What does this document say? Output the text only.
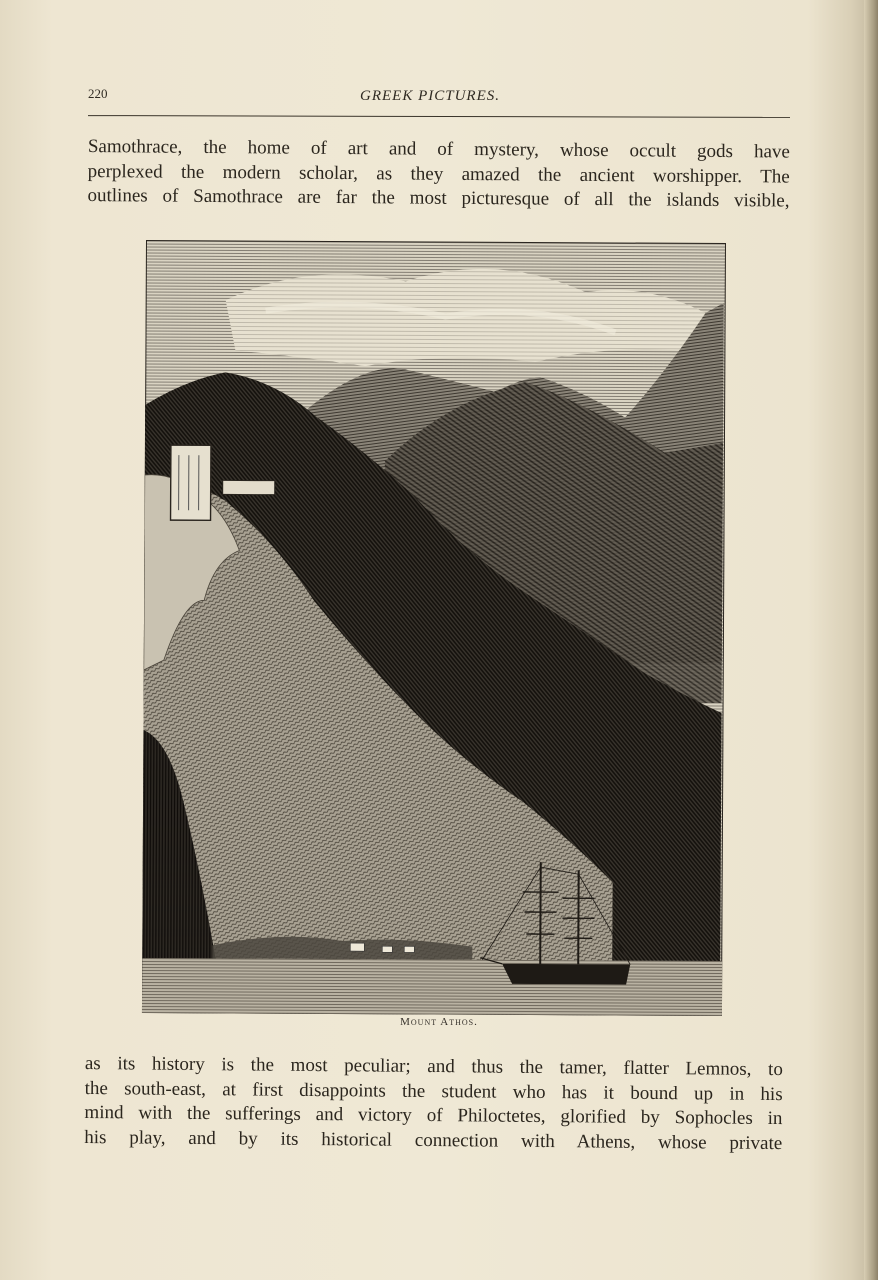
220	GREEK PICTURES.

Samothrace, the home of art and of mystery, whose occult gods have
perplexed the modern scholar, as they amazed the ancient worshipper. The
outlines of Samothrace are far the most picturesque of all the islands visible,

Mount Athos.

as its history is the most peculiar; and thus the tamer, flatter Lemnos, to
the south-east, at first disappoints the student who has it bound up in his
mind with the sufferings and victory of Philoctetes, glorified by Sophocles in
his play, and by its historical connection with Athens, whose private
